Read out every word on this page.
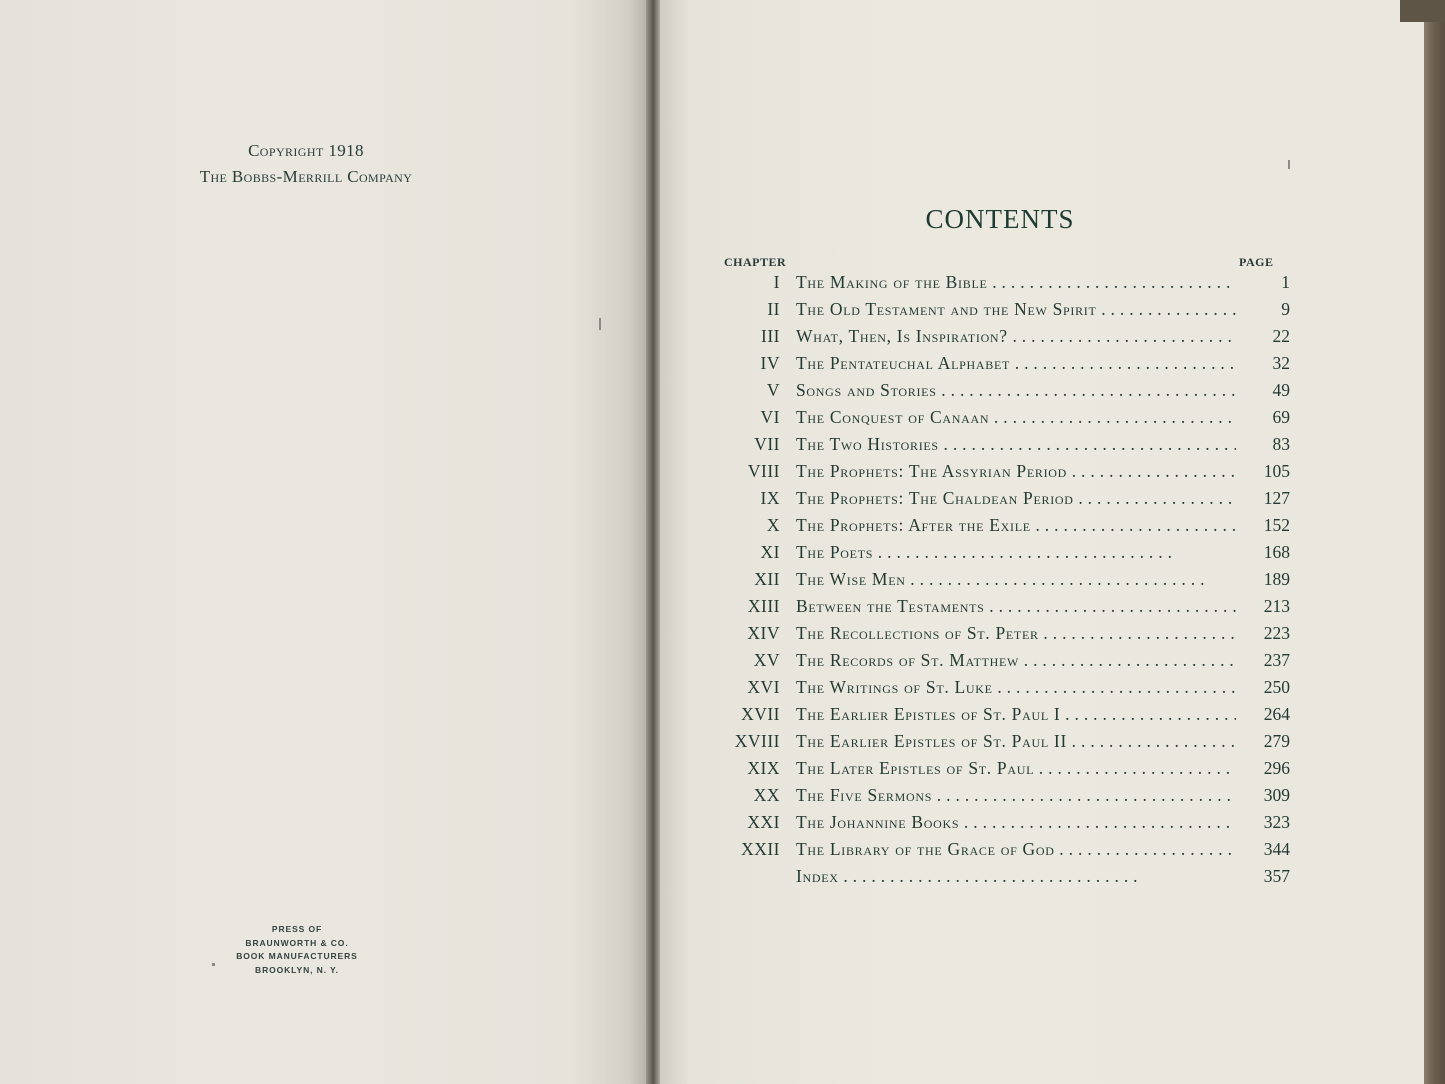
Copyright 1918
The Bobbs-Merrill Company
PRESS OF
BRAUNWORTH & CO.
BOOK MANUFACTURERS
BROOKLYN, N. Y.
CONTENTS
CHAPTER	PAGE
I The Making of the Bible . .	1
II The Old Testament and the New Spirit . .	9
III What, Then, Is Inspiration? . .	22
IV The Pentateuchal Alphabet . .	32
V Songs and Stories . .	49
VI The Conquest of Canaan . .	69
VII The Two Histories . .	83
VIII The Prophets: The Assyrian Period . .	105
IX The Prophets: The Chaldean Period . .	127
X The Prophets: After the Exile . .	152
XI The Poets . .	168
XII The Wise Men . .	189
XIII Between the Testaments . .	213
XIV The Recollections of St. Peter . .	223
XV The Records of St. Matthew . .	237
XVI The Writings of St. Luke . .	250
XVII The Earlier Epistles of St. Paul I . .	264
XVIII The Earlier Epistles of St. Paul II . .	279
XIX The Later Epistles of St. Paul . .	296
XX The Five Sermons . .	309
XXI The Johannine Books . .	323
XXII The Library of the Grace of God . .	344
Index . .	357
